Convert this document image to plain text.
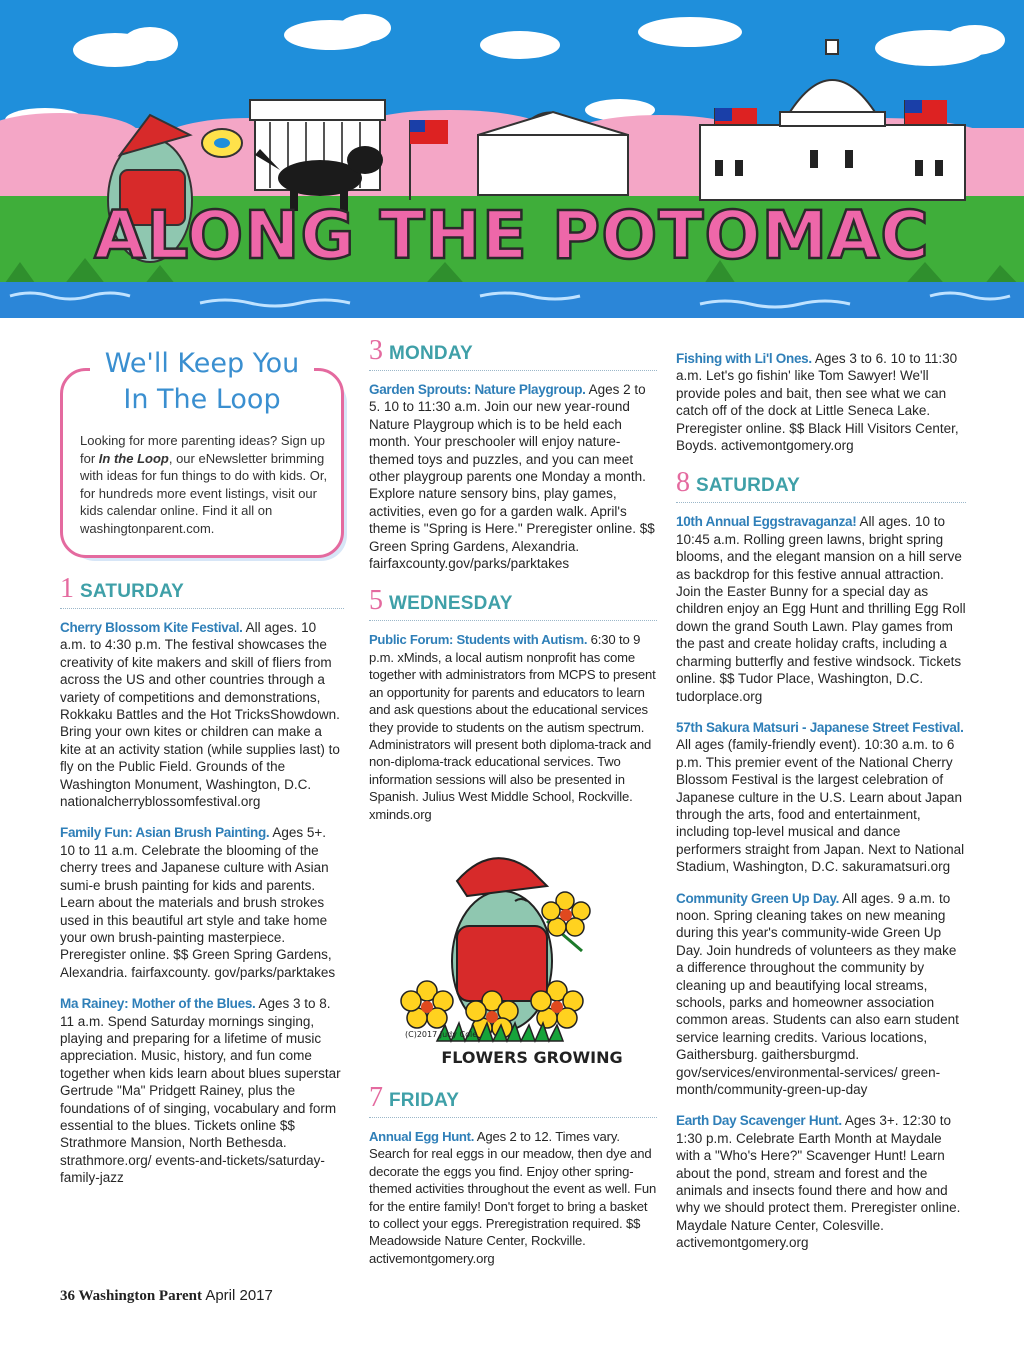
ALONG THE POTOMAC
We'll Keep You
In The Loop
Looking for more parenting ideas? Sign up for In the Loop, our eNewsletter brimming with ideas for fun things to do with kids. Or, for hundreds more event listings, visit our kids calendar online. Find it all on washingtonparent.com.
1 SATURDAY

Cherry Blossom Kite Festival. All ages. 10 a.m. to 4:30 p.m. The festival showcases the creativity of kite makers and skill of fliers from across the US and other countries through a variety of competitions and demonstrations, Rokkaku Battles and the Hot TricksShowdown. Bring your own kites or children can make a kite at an activity station (while supplies last) to fly on the Public Field. Grounds of the Washington Monument, Washington, D.C. nationalcherryblossomfestival.org

Family Fun: Asian Brush Painting. Ages 5+. 10 to 11 a.m. Celebrate the blooming of the cherry trees and Japanese culture with Asian sumi-e brush painting for kids and parents. Learn about the materials and brush strokes used in this beautiful art style and take home your own brush-painting masterpiece. Preregister online. $$ Green Spring Gardens, Alexandria. fairfaxcounty. gov/parks/parktakes

Ma Rainey: Mother of the Blues. Ages 3 to 8. 11 a.m. Spend Saturday mornings singing, playing and preparing for a lifetime of music appreciation. Music, history, and fun come together when kids learn about blues superstar Gertrude "Ma" Pridgett Rainey, plus the foundations of of singing, vocabulary and form essential to the blues. Tickets online $$ Strathmore Mansion, North Bethesda. strathmore.org/ events-and-tickets/saturday-family-jazz

3 MONDAY

Garden Sprouts: Nature Playgroup. Ages 2 to 5. 10 to 11:30 a.m. Join our new year-round Nature Playgroup which is to be held each month. Your preschooler will enjoy nature-themed toys and puzzles, and you can meet other playgroup parents one Monday a month. Explore nature sensory bins, play games, activities, even go for a garden walk. April's theme is "Spring is Here." Preregister online. $$ Green Spring Gardens, Alexandria. fairfaxcounty.gov/parks/parktakes

5 WEDNESDAY

Public Forum: Students with Autism. 6:30 to 9 p.m. xMinds, a local autism nonprofit has come together with administrators from MCPS to present an opportunity for parents and educators to learn and ask questions about the educational services they provide to students on the autism spectrum. Administrators will present both diploma-track and non-diploma-track educational services. Two information sessions will also be presented in Spanish. Julius West Middle School, Rockville. xminds.org

(C)2017 Judy Cole
FLOWERS GROWING
7 FRIDAY

Annual Egg Hunt. Ages 2 to 12. Times vary. Search for real eggs in our meadow, then dye and decorate the eggs you find. Enjoy other spring-themed activities throughout the event as well. Fun for the entire family! Don't forget to bring a basket to collect your eggs. Preregistration required. $$ Meadowside Nature Center, Rockville. activemontgomery.org

Fishing with Li'l Ones. Ages 3 to 6. 10 to 11:30 a.m. Let's go fishin' like Tom Sawyer! We'll provide poles and bait, then see what we can catch off of the dock at Little Seneca Lake. Preregister online. $$ Black Hill Visitors Center, Boyds. activemontgomery.org

8 SATURDAY

10th Annual Eggstravaganza! All ages. 10 to 10:45 a.m. Rolling green lawns, bright spring blooms, and the elegant mansion on a hill serve as backdrop for this festive annual attraction. Join the Easter Bunny for a special day as children enjoy an Egg Hunt and thrilling Egg Roll down the grand South Lawn. Play games from the past and create holiday crafts, including a charming butterfly and festive windsock. Tickets online. $$ Tudor Place, Washington, D.C. tudorplace.org

57th Sakura Matsuri - Japanese Street Festival. All ages (family-friendly event). 10:30 a.m. to 6 p.m. This premier event of the National Cherry Blossom Festival is the largest celebration of Japanese culture in the U.S. Learn about Japan through the arts, food and entertainment, including top-level musical and dance performers straight from Japan. Next to National Stadium, Washington, D.C. sakuramatsuri.org

Community Green Up Day. All ages. 9 a.m. to noon. Spring cleaning takes on new meaning during this year's community-wide Green Up Day. Join hundreds of volunteers as they make a difference throughout the community by cleaning up and beautifying local streams, schools, parks and homeowner association common areas. Students can also earn student service learning credits. Various locations, Gaithersburg. gaithersburgmd. gov/services/environmental-services/ green-month/community-green-up-day

Earth Day Scavenger Hunt. Ages 3+. 12:30 to 1:30 p.m. Celebrate Earth Month at Maydale with a "Who's Here?" Scavenger Hunt! Learn about the pond, stream and forest and the animals and insects found there and how and why we should protect them. Preregister online. Maydale Nature Center, Colesville. activemontgomery.org

36 Washington Parent April 2017
